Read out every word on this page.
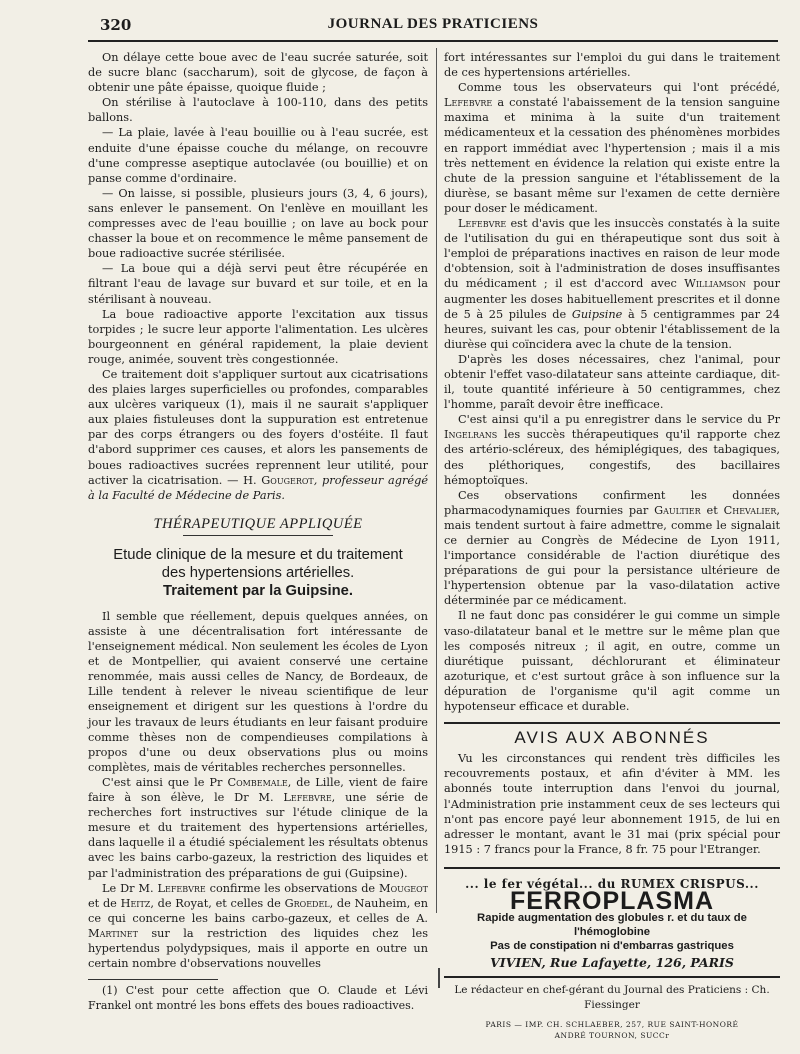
320	JOURNAL DES PRATICIENS

On délaye cette boue avec de l'eau sucrée saturée, soit de sucre blanc (saccharum), soit de glycose, de façon à obtenir une pâte épaisse, quoique fluide ;

On stérilise à l'autoclave à 100-110, dans des petits ballons.

— La plaie, lavée à l'eau bouillie ou à l'eau sucrée, est enduite d'une épaisse couche du mélange, on recouvre d'une compresse aseptique autoclavée (ou bouillie) et on panse comme d'ordinaire.

— On laisse, si possible, plusieurs jours (3, 4, 6 jours), sans enlever le pansement. On l'enlève en mouillant les compresses avec de l'eau bouillie ; on lave au bock pour chasser la boue et on recommence le même pansement de boue radioactive sucrée stérilisée.

— La boue qui a déjà servi peut être récupérée en filtrant l'eau de lavage sur buvard et sur toile, et en la stérilisant à nouveau.

La boue radioactive apporte l'excitation aux tissus torpides ; le sucre leur apporte l'alimentation. Les ulcères bourgeonnent en général rapidement, la plaie devient rouge, animée, souvent très congestionnée.

Ce traitement doit s'appliquer surtout aux cicatrisations des plaies larges superficielles ou profondes, comparables aux ulcères variqueux (1), mais il ne saurait s'appliquer aux plaies fistuleuses dont la suppuration est entretenue par des corps étrangers ou des foyers d'ostéite. Il faut d'abord supprimer ces causes, et alors les pansements de boues radioactives sucrées reprennent leur utilité, pour activer la cicatrisation. — H. Gougerot, professeur agrégé à la Faculté de Médecine de Paris.

THÉRAPEUTIQUE APPLIQUÉE
Etude clinique de la mesure et du traitement
des hypertensions artérielles.
Traitement par la Guipsine.

Il semble que réellement, depuis quelques années, on assiste à une décentralisation fort intéressante de l'enseignement médical. Non seulement les écoles de Lyon et de Montpellier, qui avaient conservé une certaine renommée, mais aussi celles de Nancy, de Bordeaux, de Lille tendent à relever le niveau scientifique de leur enseignement et dirigent sur les questions à l'ordre du jour les travaux de leurs étudiants en leur faisant produire comme thèses non de compendieuses compilations à propos d'une ou deux observations plus ou moins complètes, mais de véritables recherches personnelles.

C'est ainsi que le Pr Combemale, de Lille, vient de faire faire à son élève, le Dr M. Lefebvre, une série de recherches fort instructives sur l'étude clinique de la mesure et du traitement des hypertensions artérielles, dans laquelle il a étudié spécialement les résultats obtenus avec les bains carbo-gazeux, la restriction des liquides et par l'administration des préparations de gui (Guipsine).

Le Dr M. Lefebvre confirme les observations de Mougeot et de Heitz, de Royat, et celles de Groedel, de Nauheim, en ce qui concerne les bains carbo-gazeux, et celles de A. Martinet sur la restriction des liquides chez les hypertendus polydypsiques, mais il apporte en outre un certain nombre d'observations nouvelles

(1) C'est pour cette affection que O. Claude et Lévi Frankel ont montré les bons effets des boues radioactives.

fort intéressantes sur l'emploi du gui dans le traitement de ces hypertensions artérielles.

Comme tous les observateurs qui l'ont précédé, Lefebvre a constaté l'abaissement de la tension sanguine maxima et minima à la suite d'un traitement médicamenteux et la cessation des phénomènes morbides en rapport immédiat avec l'hypertension ; mais il a mis très nettement en évidence la relation qui existe entre la chute de la pression sanguine et l'établissement de la diurèse, se basant même sur l'examen de cette dernière pour doser le médicament.

Lefebvre est d'avis que les insuccès constatés à la suite de l'utilisation du gui en thérapeutique sont dus soit à l'emploi de préparations inactives en raison de leur mode d'obtension, soit à l'administration de doses insuffisantes du médicament ; il est d'accord avec Williamson pour augmenter les doses habituellement prescrites et il donne de 5 à 25 pilules de Guipsine à 5 centigrammes par 24 heures, suivant les cas, pour obtenir l'établissement de la diurèse qui coïncidera avec la chute de la tension.

D'après les doses nécessaires, chez l'animal, pour obtenir l'effet vaso-dilatateur sans atteinte cardiaque, dit-il, toute quantité inférieure à 50 centigrammes, chez l'homme, paraît devoir être inefficace.

C'est ainsi qu'il a pu enregistrer dans le service du Pr Ingelrans les succès thérapeutiques qu'il rapporte chez des artério-scléreux, des hémiplégiques, des tabagiques, des pléthoriques, congestifs, des bacillaires hémoptoïques.

Ces observations confirment les données pharmacodynamiques fournies par Gaultier et Chevalier, mais tendent surtout à faire admettre, comme le signalait ce dernier au Congrès de Médecine de Lyon 1911, l'importance considérable de l'action diurétique des préparations de gui pour la persistance ultérieure de l'hypertension obtenue par la vaso-dilatation active déterminée par ce médicament.

Il ne faut donc pas considérer le gui comme un simple vaso-dilatateur banal et le mettre sur le même plan que les composés nitreux ; il agit, en outre, comme un diurétique puissant, déchlorurant et éliminateur azoturique, et c'est surtout grâce à son influence sur la dépuration de l'organisme qu'il agit comme un hypotenseur efficace et durable.

AVIS AUX ABONNÉS

Vu les circonstances qui rendent très difficiles les recouvrements postaux, et afin d'éviter à MM. les abonnés toute interruption dans l'envoi du journal, l'Administration prie instamment ceux de ses lecteurs qui n'ont pas encore payé leur abonnement 1915, de lui en adresser le montant, avant le 31 mai (prix spécial pour 1915 : 7 francs pour la France, 8 fr. 75 pour l'Etranger.

... le fer végétal... du RUMEX CRISPUS...
FERROPLASMA
Rapide augmentation des globules r. et du taux de l'hémoglobine
Pas de constipation ni d'embarras gastriques
VIVIEN, Rue Lafayette, 126, PARIS
Le rédacteur en chef-gérant du Journal des Praticiens : Ch. Fiessinger
PARIS — IMP. CH. SCHLAEBER, 257, RUE SAINT-HONORÉ
ANDRÉ TOURNON, SUCCr
